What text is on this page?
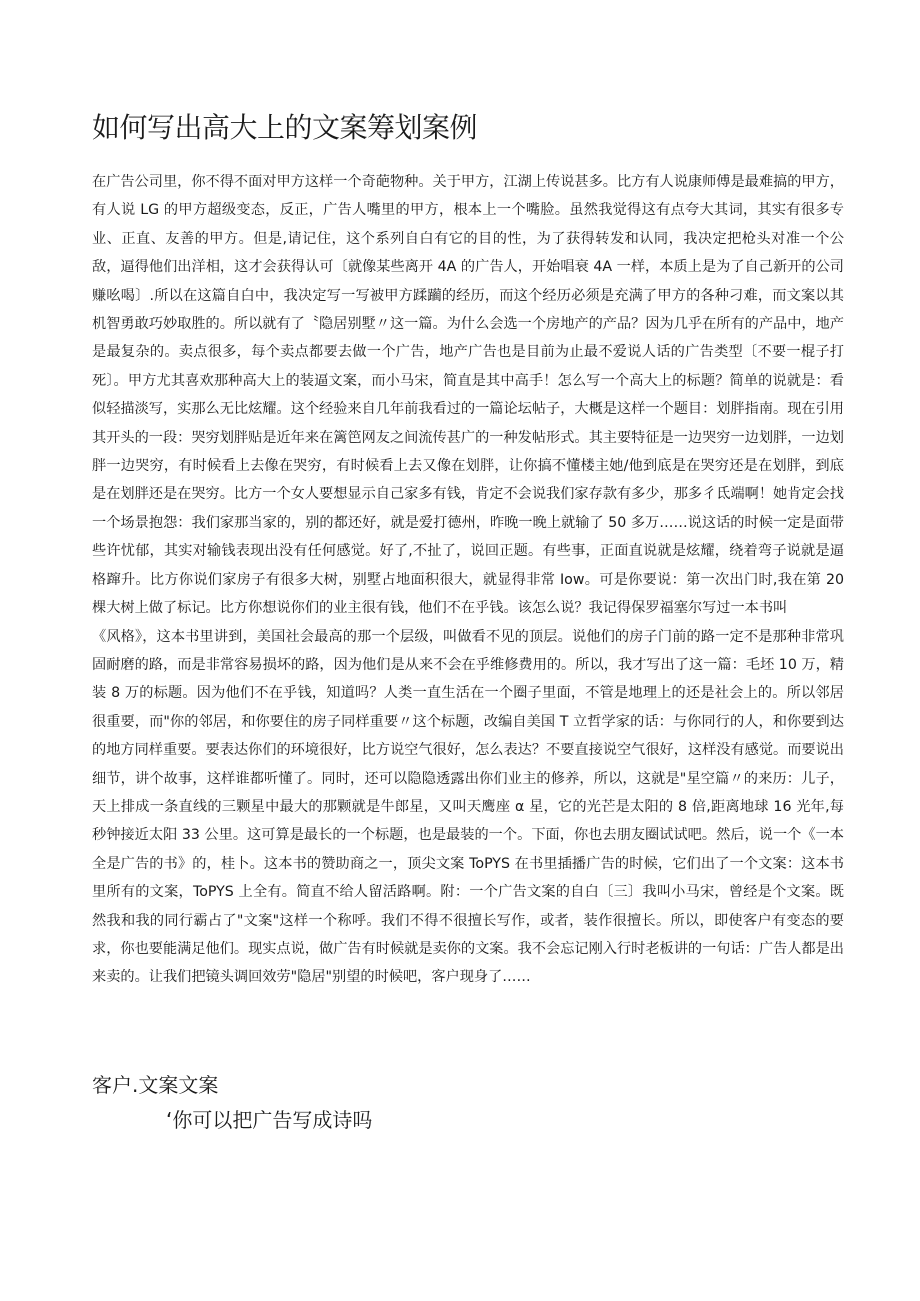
如何写出高大上的文案筹划案例

在广告公司里，你不得不面对甲方这样一个奇葩物种。关于甲方，江湖上传说甚多。比方有人说康师傅是最难搞的甲方，有人说 LG 的甲方超级变态，反正，广告人嘴里的甲方，根本上一个嘴脸。虽然我觉得这有点夸大其词，其实有很多专业、正直、友善的甲方。但是,请记住，这个系列自白有它的目的性，为了获得转发和认同，我决定把枪头对准一个公敌，逼得他们出洋相，这才会获得认可〔就像某些离开 4A 的广告人，开始唱衰 4A 一样，本质上是为了自己新开的公司赚吆喝〕.所以在这篇自白中，我决定写一写被甲方蹂躏的经历，而这个经历必须是充满了甲方的各种刁难，而文案以其机智勇敢巧妙取胜的。所以就有了〝隐居别墅〃这一篇。为什么会选一个房地产的产品？因为几乎在所有的产品中，地产是最复杂的。卖点很多，每个卖点都要去做一个广告，地产广告也是目前为止最不爱说人话的广告类型〔不要一棍子打死〕。甲方尤其喜欢那种高大上的装逼文案，而小马宋，简直是其中高手！怎么写一个高大上的标题？简单的说就是：看似轻描淡写，实那么无比炫耀。这个经验来自几年前我看过的一篇论坛帖子，大概是这样一个题目：划胖指南。现在引用其开头的一段：哭穷划胖贴是近年来在篱笆网友之间流传甚广的一种发帖形式。其主要特征是一边哭穷一边划胖，一边划胖一边哭穷，有时候看上去像在哭穷，有时候看上去又像在划胖，让你搞不懂楼主她/他到底是在哭穷还是在划胖，到底是在划胖还是在哭穷。比方一个女人要想显示自己家多有钱，肯定不会说我们家存款有多少，那多彳氐端啊！她肯定会找一个场景抱怨：我们家那当家的，别的都还好，就是爱打德州，昨晚一晚上就输了 50 多万……说这话的时候一定是面带些许忧郁，其实对输钱表现出没有任何感觉。好了,不扯了，说回正题。有些事，正面直说就是炫耀，绕着弯子说就是逼格蹿升。比方你说们家房子有很多大树，别墅占地面积很大，就显得非常 Iow。可是你要说：第一次出门时,我在第 20 棵大树上做了标记。比方你想说你们的业主很有钱，他们不在乎钱。该怎么说？我记得保罗福塞尔写过一本书叫

《风格》，这本书里讲到，美国社会最高的那一个层级，叫做看不见的顶层。说他们的房子门前的路一定不是那种非常巩固耐磨的路，而是非常容易损坏的路，因为他们是从来不会在乎维修费用的。所以，我才写出了这一篇：毛坯 10 万，精装 8 万的标题。因为他们不在乎钱，知道吗？人类一直生活在一个圈子里面，不管是地理上的还是社会上的。所以邻居很重要，而"你的邻居，和你要住的房子同样重要〃这个标题，改编自美国 T 立哲学家的话：与你同行的人，和你要到达的地方同样重要。要表达你们的环境很好，比方说空气很好，怎么表达？不要直接说空气很好，这样没有感觉。而要说出细节，讲个故事，这样谁都听懂了。同时，还可以隐隐透露出你们业主的修养，所以，这就是"星空篇〃的来历：儿子，天上排成一条直线的三颗星中最大的那颗就是牛郎星，又叫天鹰座 α 星，它的光芒是太阳的 8 倍,距离地球 16 光年,每秒钟接近太阳 33 公里。这可算是最长的一个标题，也是最装的一个。下面，你也去朋友圈试试吧。然后，说一个《一本全是广告的书》的，桂卜。这本书的赞助商之一，顶尖文案 ToPYS 在书里插播广告的时候，它们出了一个文案：这本书里所有的文案，ToPYS 上全有。简直不给人留活路啊。附：一个广告文案的自白〔三〕我叫小马宋，曾经是个文案。既然我和我的同行霸占了"文案"这样一个称呼。我们不得不很擅长写作，或者，装作很擅长。所以，即使客户有变态的要求，你也要能满足他们。现实点说，做广告有时候就是卖你的文案。我不会忘记刚入行时老板讲的一句话：广告人都是出来卖的。让我们把镜头调回效劳"隐居"别望的时候吧，客户现身了……

客户.文案文案

‘你可以把广告写成诗吗
